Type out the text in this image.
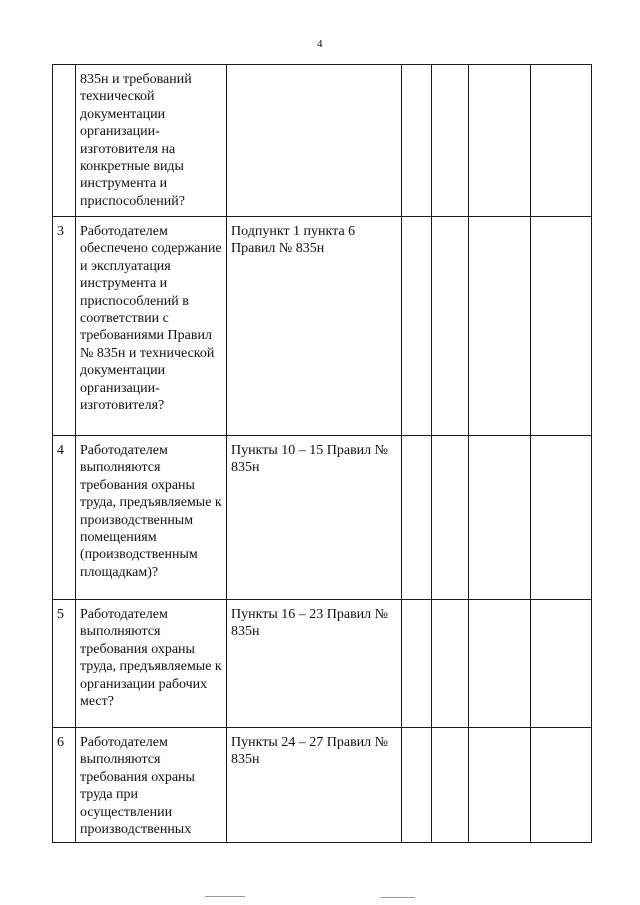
4
	835н и требований технической документации организации-изготовителя на конкретные виды инструмента и приспособлений?					
3	Работодателем обеспечено содержание и эксплуатация инструмента и приспособлений в соответствии с требованиями Правил № 835н и технической документации организации-изготовителя?	Подпункт 1 пункта 6 Правил № 835н				
4	Работодателем выполняются требования охраны труда, предъявляемые к производственным помещениям (производственным площадкам)?	Пункты 10 – 15 Правил № 835н				
5	Работодателем выполняются требования охраны труда, предъявляемые к организации рабочих мест?	Пункты 16 – 23 Правил № 835н				
6	Работодателем выполняются требования охраны труда при осуществлении производственных	Пункты 24 – 27 Правил № 835н				
